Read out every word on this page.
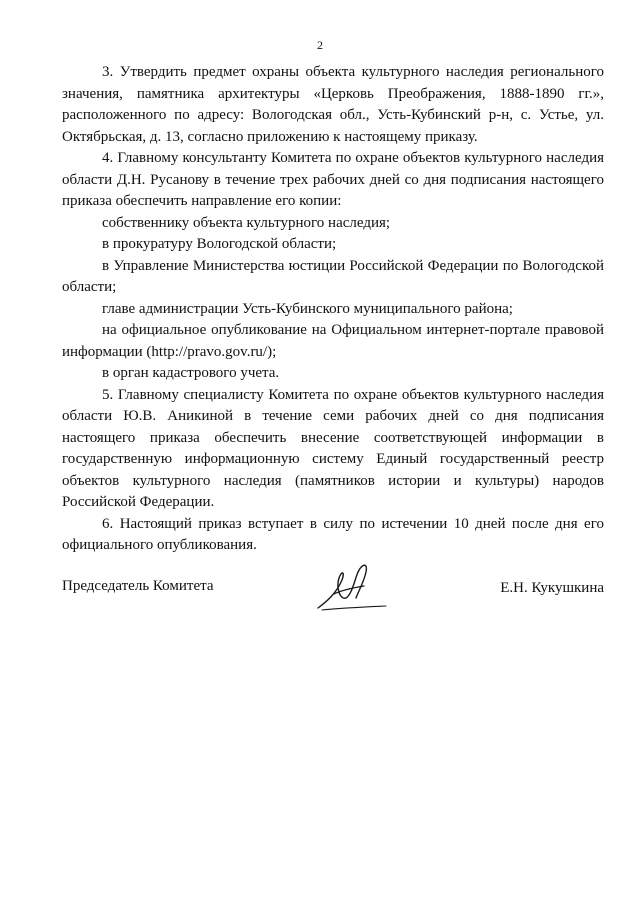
2

3. Утвердить предмет охраны объекта культурного наследия регионального значения, памятника архитектуры «Церковь Преображения, 1888-1890 гг.», расположенного по адресу: Вологодская обл., Усть-Кубинский р-н, с. Устье, ул. Октябрьская, д. 13, согласно приложению к настоящему приказу.

4. Главному консультанту Комитета по охране объектов культурного наследия области Д.Н. Русанову в течение трех рабочих дней со дня подписания настоящего приказа обеспечить направление его копии:

собственнику объекта культурного наследия;

в прокуратуру Вологодской области;

в Управление Министерства юстиции Российской Федерации по Вологодской области;

главе администрации Усть-Кубинского муниципального района;

на официальное опубликование на Официальном интернет-портале правовой информации (http://pravo.gov.ru/);

в орган кадастрового учета.

5. Главному специалисту Комитета по охране объектов культурного наследия области Ю.В. Аникиной в течение семи рабочих дней со дня подписания настоящего приказа обеспечить внесение соответствующей информации в государственную информационную систему Единый государственный реестр объектов культурного наследия (памятников истории и культуры) народов Российской Федерации.

6. Настоящий приказ вступает в силу по истечении 10 дней после дня его официального опубликования.

Председатель Комитета	Е.Н. Кукушкина
